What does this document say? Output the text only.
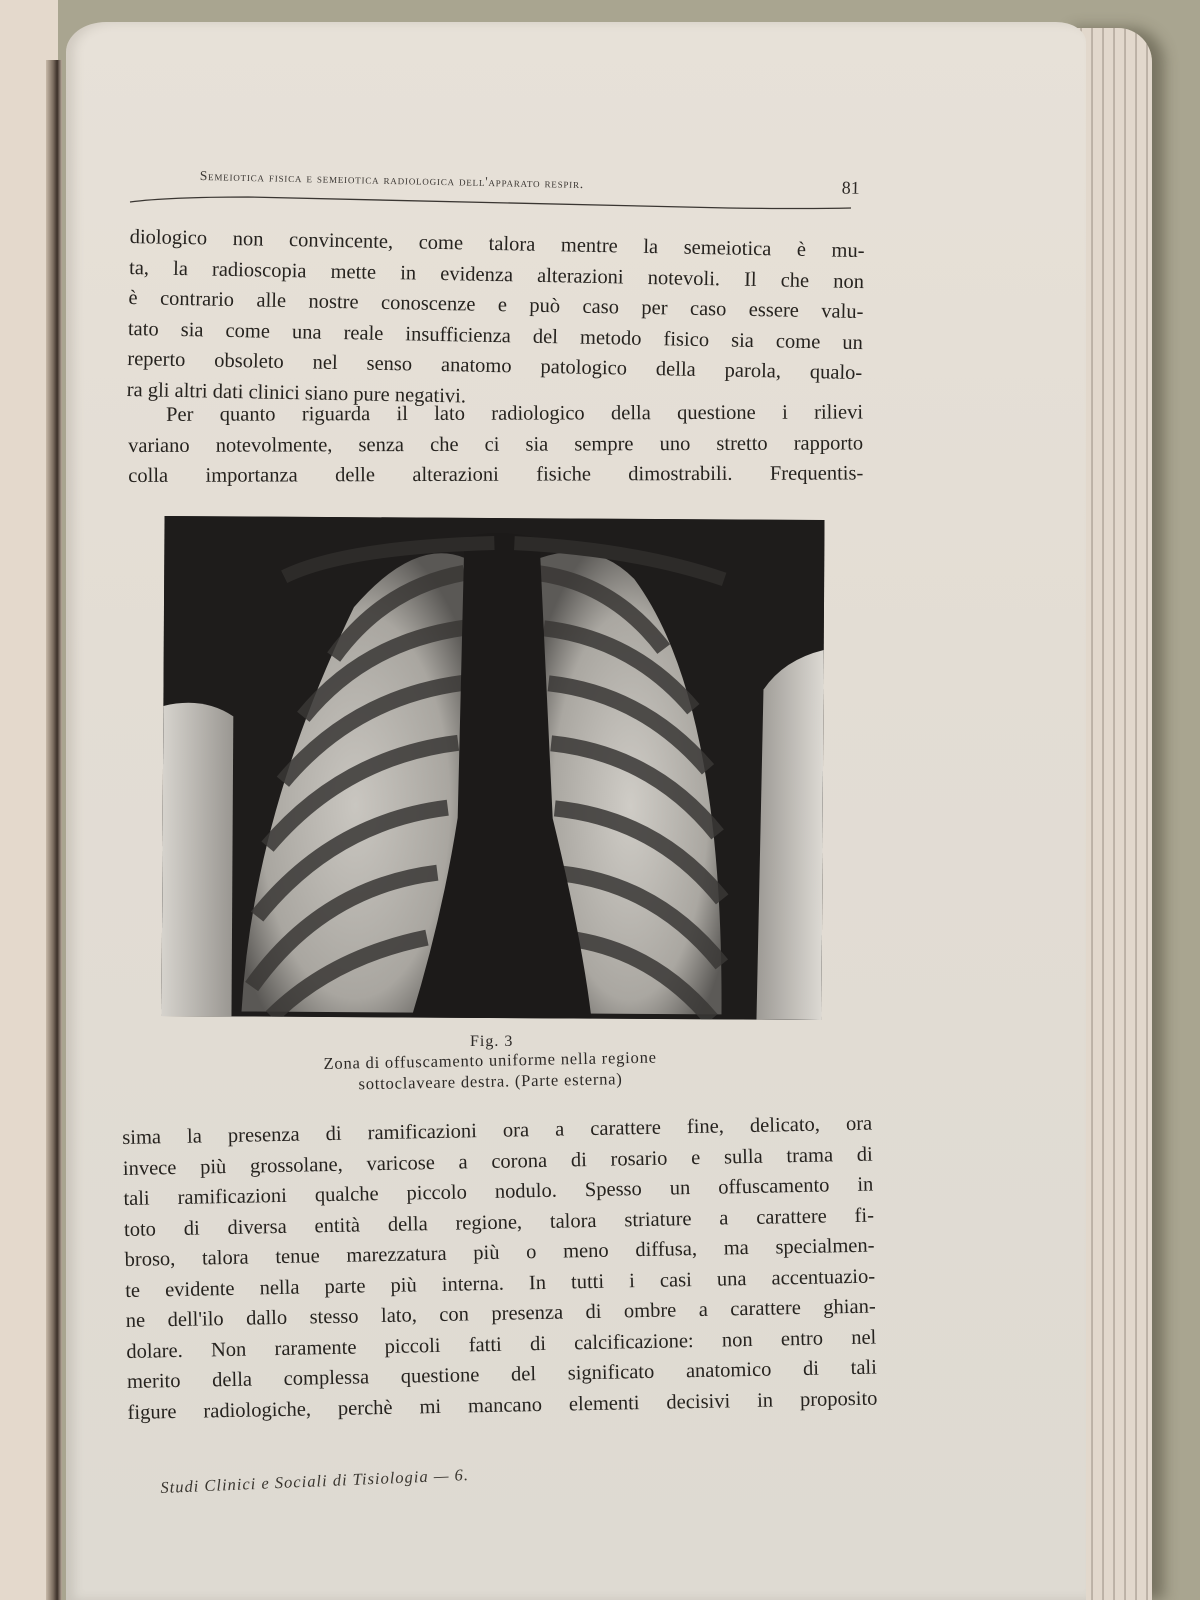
Semeiotica fisica e semeiotica radiologica dell'apparato respir.	81
diologico non convincente, come talora mentre la semeiotica è mu-
ta, la radioscopia mette in evidenza alterazioni notevoli. Il che non
è contrario alle nostre conoscenze e può caso per caso essere valu-
tato sia come una reale insufficienza del metodo fisico sia come un
reperto obsoleto nel senso anatomo patologico della parola, qualo-
ra gli altri dati clinici siano pure negativi.
Per quanto riguarda il lato radiologico della questione i rilievi
variano notevolmente, senza che ci sia sempre uno stretto rapporto
colla importanza delle alterazioni fisiche dimostrabili. Frequentis-
Fig. 3
Zona di offuscamento uniforme nella regione
sottoclaveare destra. (Parte esterna)
sima la presenza di ramificazioni ora a carattere fine, delicato, ora
invece più grossolane, varicose a corona di rosario e sulla trama di
tali ramificazioni qualche piccolo nodulo. Spesso un offuscamento in
toto di diversa entità della regione, talora striature a carattere fi-
broso, talora tenue marezzatura più o meno diffusa, ma specialmen-
te evidente nella parte più interna. In tutti i casi una accentuazio-
ne dell'ilo dallo stesso lato, con presenza di ombre a carattere ghian-
dolare. Non raramente piccoli fatti di calcificazione: non entro nel
merito della complessa questione del significato anatomico di tali
figure radiologiche, perchè mi mancano elementi decisivi in proposito
Studi Clinici e Sociali di Tisiologia — 6.
